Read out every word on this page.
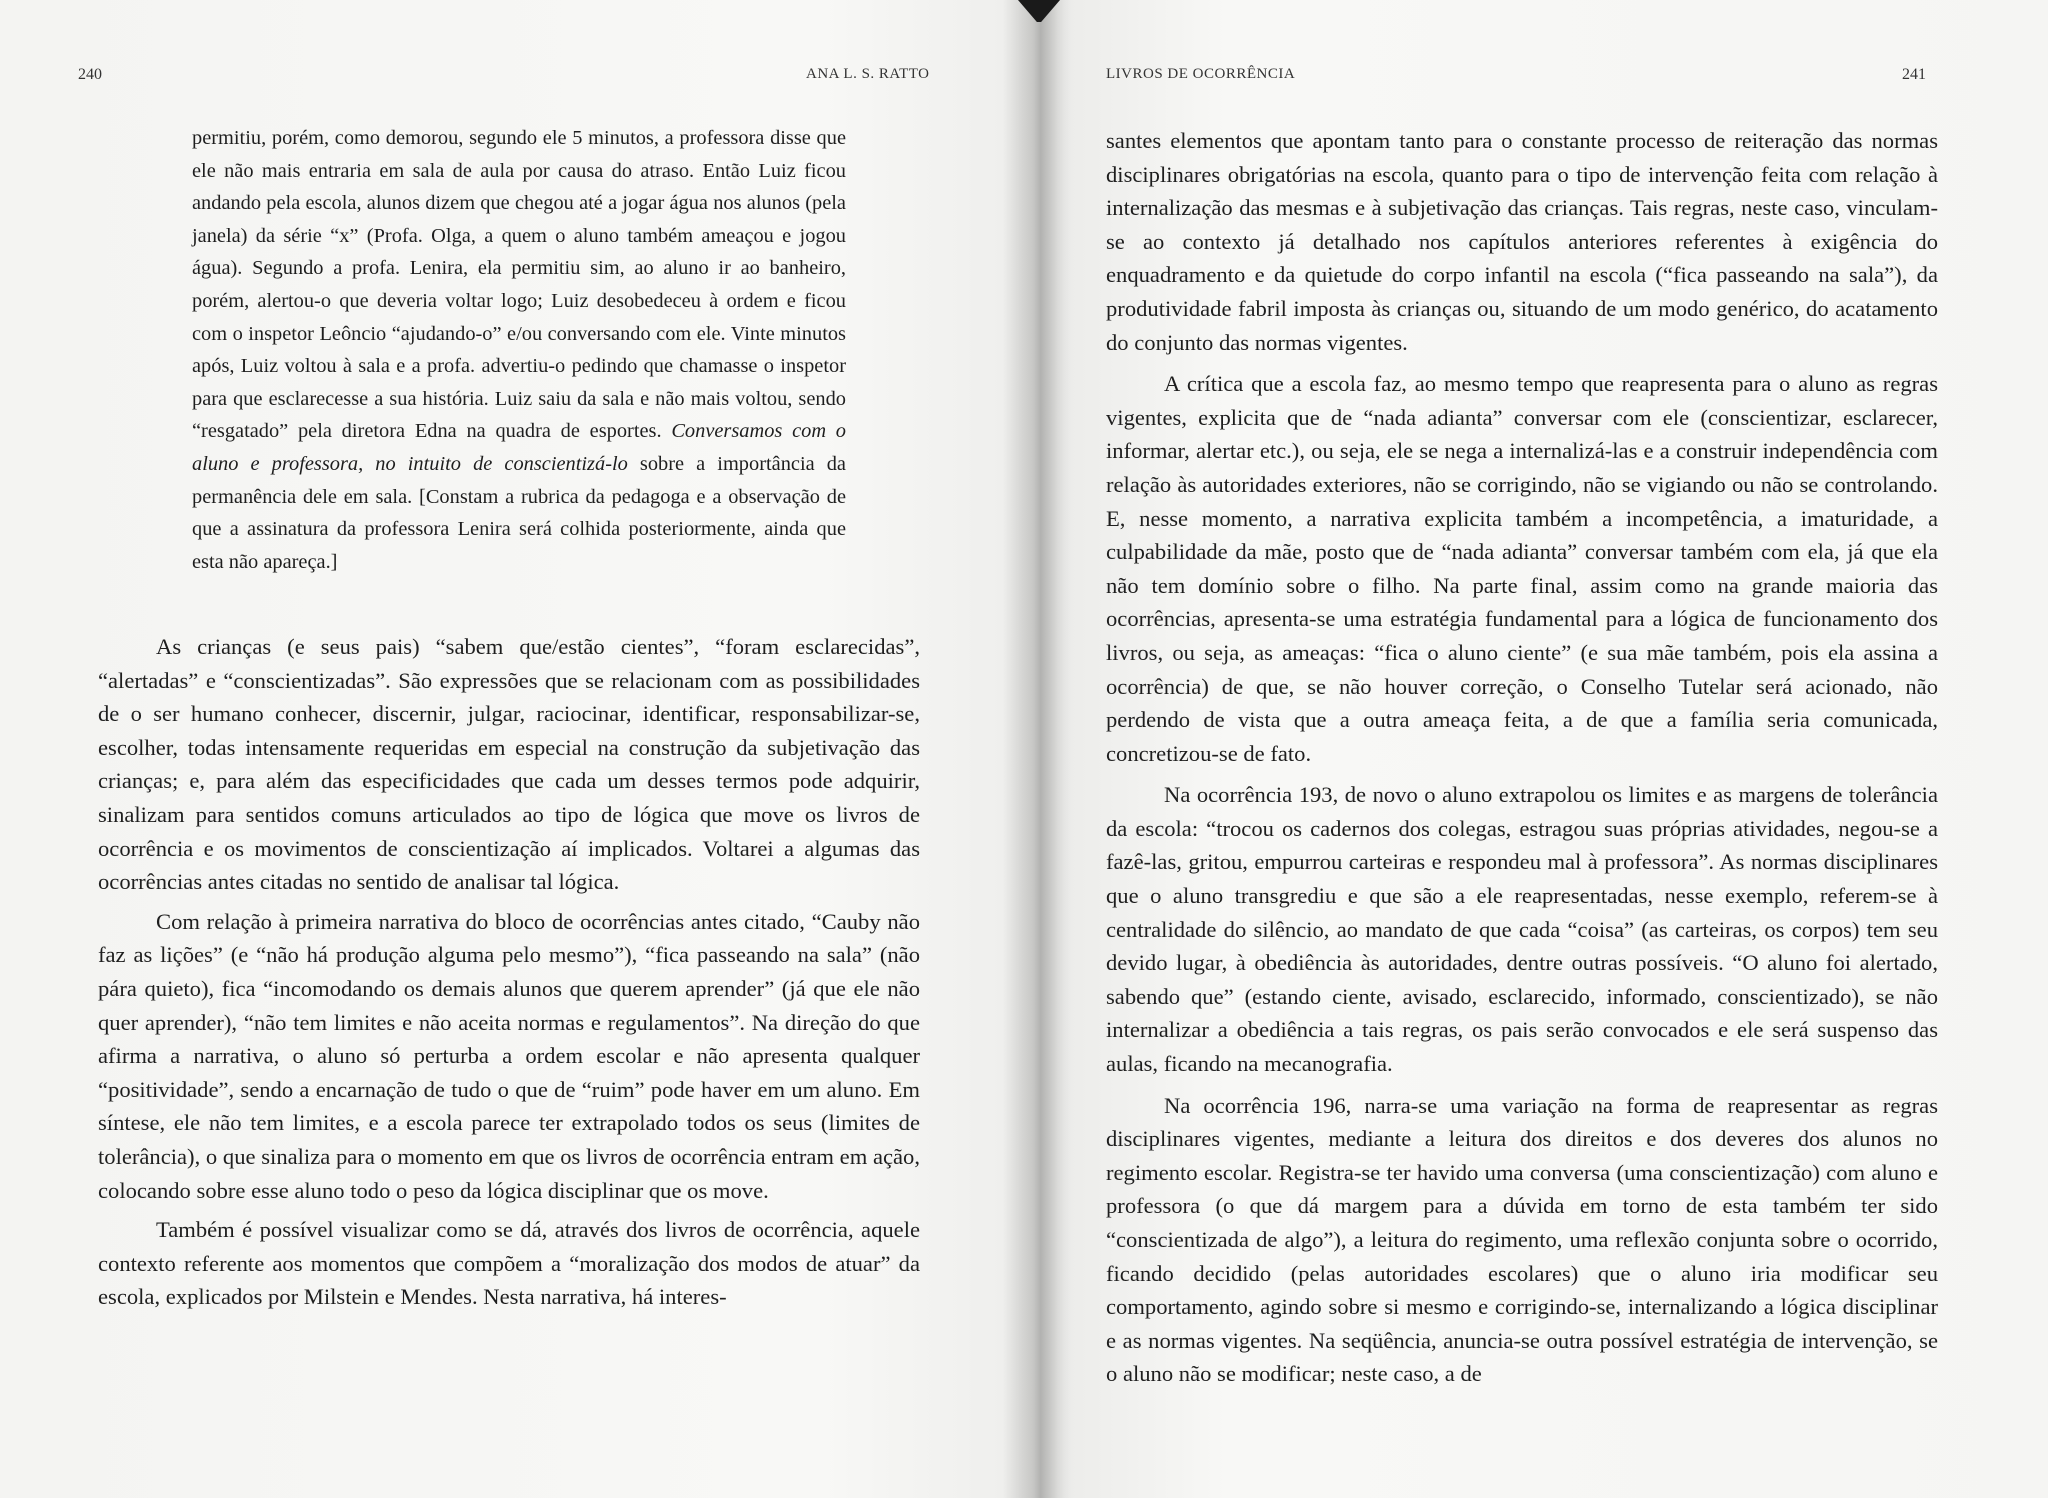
240	ANA L. S. RATTO
permitiu, porém, como demorou, segundo ele 5 minutos, a professora disse que ele não mais entraria em sala de aula por causa do atraso. Então Luiz ficou andando pela escola, alunos dizem que chegou até a jogar água nos alunos (pela janela) da série “x” (Profa. Olga, a quem o aluno também ameaçou e jogou água). Segundo a profa. Lenira, ela permitiu sim, ao aluno ir ao banheiro, porém, alertou-o que deveria voltar logo; Luiz desobedeceu à ordem e ficou com o inspetor Leôncio “ajudando-o” e/ou conversando com ele. Vinte minutos após, Luiz voltou à sala e a profa. advertiu-o pedindo que chamasse o inspetor para que esclarecesse a sua história. Luiz saiu da sala e não mais voltou, sendo “resgatado” pela diretora Edna na quadra de esportes. Conversamos com o aluno e professora, no intuito de conscientizá-lo sobre a importância da permanência dele em sala. [Constam a rubrica da pedagoga e a observação de que a assinatura da professora Lenira será colhida posteriormente, ainda que esta não apareça.]

As crianças (e seus pais) “sabem que/estão cientes”, “foram esclarecidas”, “alertadas” e “conscientizadas”. São expressões que se relacionam com as possibilidades de o ser humano conhecer, discernir, julgar, raciocinar, identificar, responsabilizar-se, escolher, todas intensamente requeridas em especial na construção da subjetivação das crianças; e, para além das especificidades que cada um desses termos pode adquirir, sinalizam para sentidos comuns articulados ao tipo de lógica que move os livros de ocorrência e os movimentos de conscientização aí implicados. Voltarei a algumas das ocorrências antes citadas no sentido de analisar tal lógica.

Com relação à primeira narrativa do bloco de ocorrências antes citado, “Cauby não faz as lições” (e “não há produção alguma pelo mesmo”), “fica passeando na sala” (não pára quieto), fica “incomodando os demais alunos que querem aprender” (já que ele não quer aprender), “não tem limites e não aceita normas e regulamentos”. Na direção do que afirma a narrativa, o aluno só perturba a ordem escolar e não apresenta qualquer “positividade”, sendo a encarnação de tudo o que de “ruim” pode haver em um aluno. Em síntese, ele não tem limites, e a escola parece ter extrapolado todos os seus (limites de tolerância), o que sinaliza para o momento em que os livros de ocorrência entram em ação, colocando sobre esse aluno todo o peso da lógica disciplinar que os move.

Também é possível visualizar como se dá, através dos livros de ocorrência, aquele contexto referente aos momentos que compõem a “moralização dos modos de atuar” da escola, explicados por Milstein e Mendes. Nesta narrativa, há interes-

LIVROS DE OCORRÊNCIA	241

santes elementos que apontam tanto para o constante processo de reiteração das normas disciplinares obrigatórias na escola, quanto para o tipo de intervenção feita com relação à internalização das mesmas e à subjetivação das crianças. Tais regras, neste caso, vinculam-se ao contexto já detalhado nos capítulos anteriores referentes à exigência do enquadramento e da quietude do corpo infantil na escola (“fica passeando na sala”), da produtividade fabril imposta às crianças ou, situando de um modo genérico, do acatamento do conjunto das normas vigentes.

A crítica que a escola faz, ao mesmo tempo que reapresenta para o aluno as regras vigentes, explicita que de “nada adianta” conversar com ele (conscientizar, esclarecer, informar, alertar etc.), ou seja, ele se nega a internalizá-las e a construir independência com relação às autoridades exteriores, não se corrigindo, não se vigiando ou não se controlando. E, nesse momento, a narrativa explicita também a incompetência, a imaturidade, a culpabilidade da mãe, posto que de “nada adianta” conversar também com ela, já que ela não tem domínio sobre o filho. Na parte final, assim como na grande maioria das ocorrências, apresenta-se uma estratégia fundamental para a lógica de funcionamento dos livros, ou seja, as ameaças: “fica o aluno ciente” (e sua mãe também, pois ela assina a ocorrência) de que, se não houver correção, o Conselho Tutelar será acionado, não perdendo de vista que a outra ameaça feita, a de que a família seria comunicada, concretizou-se de fato.

Na ocorrência 193, de novo o aluno extrapolou os limites e as margens de tolerância da escola: “trocou os cadernos dos colegas, estragou suas próprias atividades, negou-se a fazê-las, gritou, empurrou carteiras e respondeu mal à professora”. As normas disciplinares que o aluno transgrediu e que são a ele reapresentadas, nesse exemplo, referem-se à centralidade do silêncio, ao mandato de que cada “coisa” (as carteiras, os corpos) tem seu devido lugar, à obediência às autoridades, dentre outras possíveis. “O aluno foi alertado, sabendo que” (estando ciente, avisado, esclarecido, informado, conscientizado), se não internalizar a obediência a tais regras, os pais serão convocados e ele será suspenso das aulas, ficando na mecanografia.

Na ocorrência 196, narra-se uma variação na forma de reapresentar as regras disciplinares vigentes, mediante a leitura dos direitos e dos deveres dos alunos no regimento escolar. Registra-se ter havido uma conversa (uma conscientização) com aluno e professora (o que dá margem para a dúvida em torno de esta também ter sido “conscientizada de algo”), a leitura do regimento, uma reflexão conjunta sobre o ocorrido, ficando decidido (pelas autoridades escolares) que o aluno iria modificar seu comportamento, agindo sobre si mesmo e corrigindo-se, internalizando a lógica disciplinar e as normas vigentes. Na seqüência, anuncia-se outra possível estratégia de intervenção, se o aluno não se modificar; neste caso, a de
